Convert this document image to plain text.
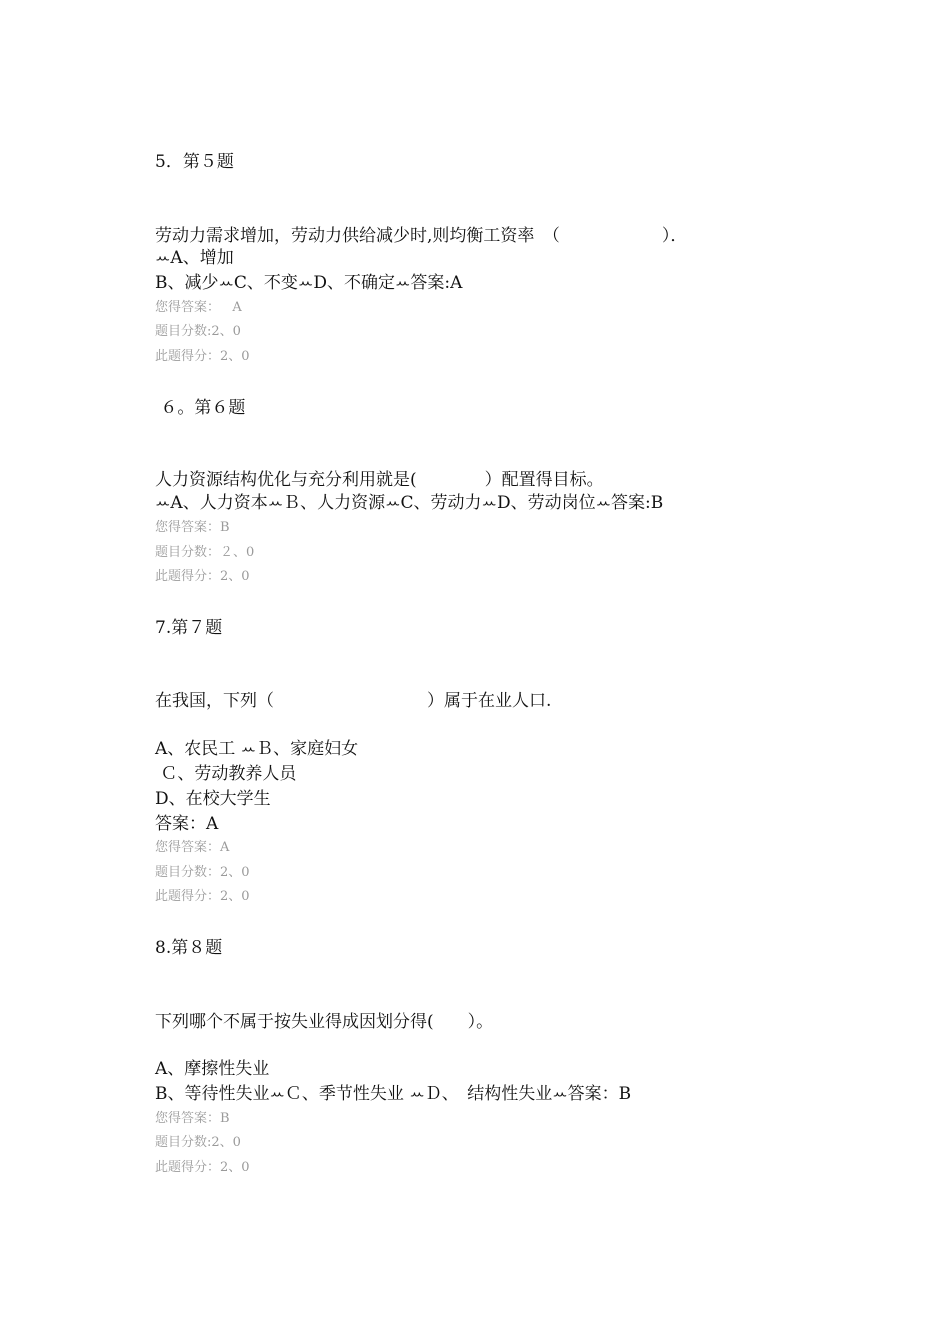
5．第５题
劳动力需求增加，劳动力供给减少时,则均衡工资率　（　　　　　　）．
ꕀA、增加
B、减少ꕀC、不变ꕀD、不确定ꕀ答案:A
您得答案：   A
题目分数:2、0
此题得分：2、0
６。第６题
人力资源结构优化与充分利用就是(　　　　）配置得目标。
ꕀA、人力资本ꕀＢ、人力资源ꕀC、劳动力ꕀD、劳动岗位ꕀ答案:B
您得答案：B
题目分数：２、0
此题得分：2、0
7.第７题
在我国，下列（　　　　　　　　　）属于在业人口.
A、农民工 ꕀＢ、家庭妇女
Ｃ、劳动教养人员
D、在校大学生
答案：A
您得答案：A
题目分数：2、0
此题得分：2、0
8.第８题
下列哪个不属于按失业得成因划分得(　　）。
A、摩擦性失业
B、等待性失业ꕀＣ、季节性失业 ꕀＤ、　结构性失业ꕀ答案：B
您得答案：B
题目分数:2、0
此题得分：2、0
